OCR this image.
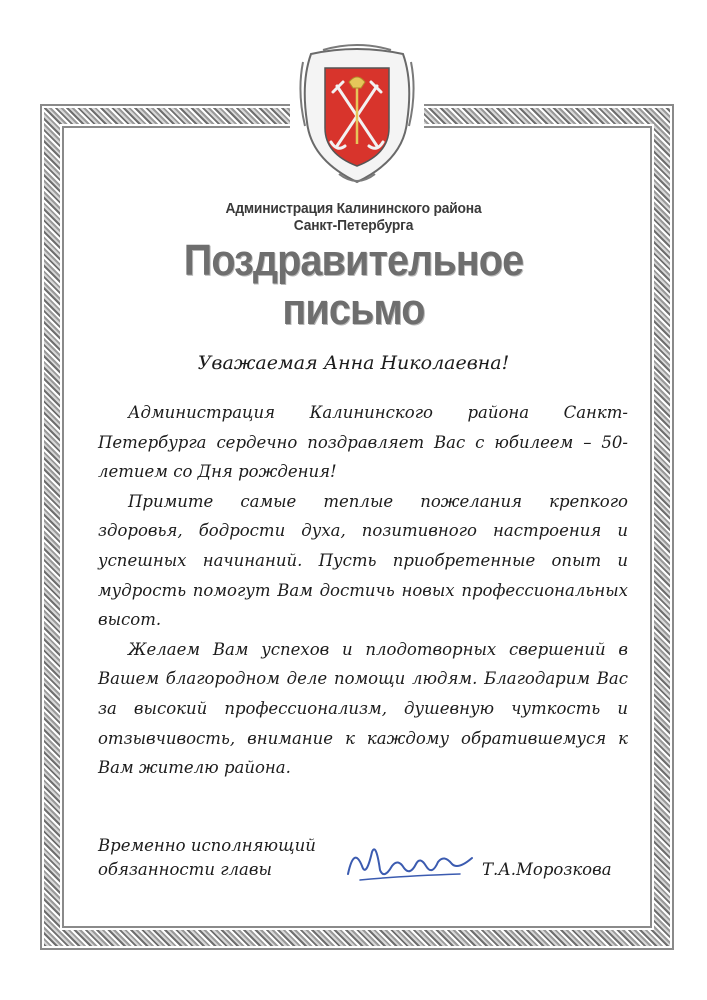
Администрация Калининского района
Санкт-Петербурга
Поздравительное
письмо
Уважаемая Анна Николаевна!

Администрация Калининского района Санкт-Петербурга сердечно поздравляет Вас с юбилеем – 50-летием со Дня рождения!

Примите самые теплые пожелания крепкого здоровья, бодрости духа, позитивного настроения и успешных начинаний. Пусть приобретенные опыт и мудрость помогут Вам достичь новых профессиональных высот.

Желаем Вам успехов и плодотворных свершений в Вашем благородном деле помощи людям. Благодарим Вас за высокий профессионализм, душевную чуткость и отзывчивость, внимание к каждому обратившемуся к Вам жителю района.

Временно исполняющий
обязанности главы	Т.А.Морозкова
